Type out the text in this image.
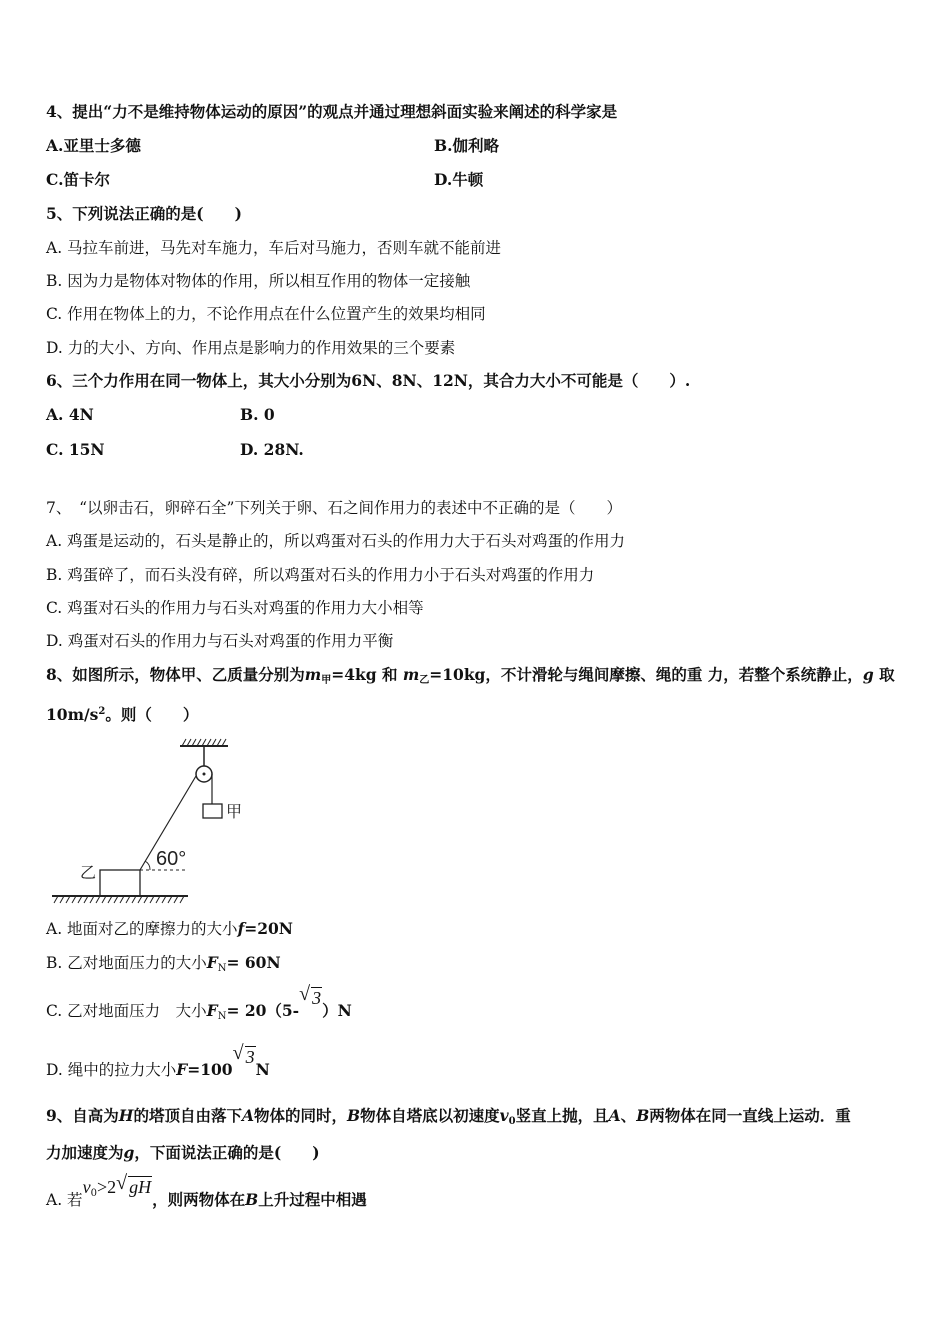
4、提出“力不是维持物体运动的原因”的观点并通过理想斜面实验来阐述的科学家是
A.亚里士多德	B.伽利略
C.笛卡尔	D.牛顿
5、下列说法正确的是(　　)
A. 马拉车前进，马先对车施力，车后对马施力，否则车就不能前进
B. 因为力是物体对物体的作用，所以相互作用的物体一定接触
C. 作用在物体上的力，不论作用点在什么位置产生的效果均相同
D. 力的大小、方向、作用点是影响力的作用效果的三个要素
6、三个力作用在同一物体上，其大小分别为6N、8N、12N，其合力大小不可能是（　　）.
A. 4N	B. 0
C. 15N	D. 28N.
7、　“以卵击石，卵碎石全”下列关于卵、石之间作用力的表述中不正确的是（　　）
A. 鸡蛋是运动的，石头是静止的，所以鸡蛋对石头的作用力大于石头对鸡蛋的作用力
B. 鸡蛋碎了，而石头没有碎，所以鸡蛋对石头的作用力小于石头对鸡蛋的作用力
C. 鸡蛋对石头的作用力与石头对鸡蛋的作用力大小相等
D. 鸡蛋对石头的作用力与石头对鸡蛋的作用力平衡
8、如图所示，物体甲、乙质量分别为$m_甲=4kg$ 和 $m_乙=10kg$，不计滑轮与绳间摩擦、绳的重 力，若整个系统静止，g 取
$10m/s^2$。则（　　）
甲
乙
60°
A. 地面对乙的摩擦力的大小f=20N
B. 乙对地面压力的大小$F_N= 60N$
C. 乙对地面压力　大小$F_N= 20(5-√$ 3）N
D. 绳中的拉力大小F=100√ 3N
9、自高为H的塔顶自由落下A物体的同时，B物体自塔底以初速度$v_0$竖直上抛，且A、B两物体在同一直线上运动．重
力加速度为g，下面说法正确的是(　　)
A. 若$v^0>2√$ gH，则两物体在B上升过程中相遇
